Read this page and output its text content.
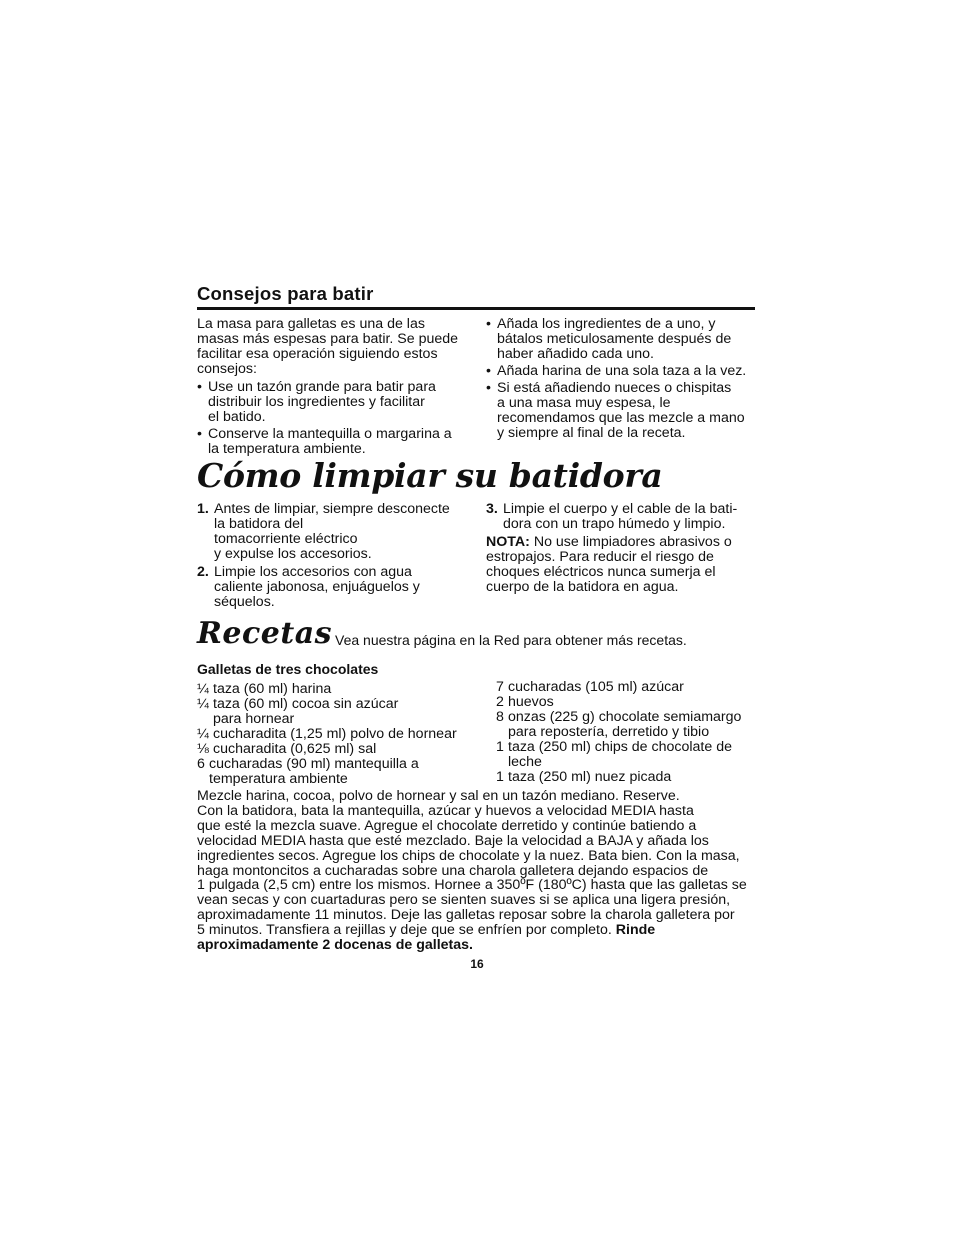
Consejos para batir

La masa para galletas es una de las
masas más espesas para batir. Se puede
facilitar esa operación siguiendo estos
consejos:

• Use un tazón grande para batir para
distribuir los ingredientes y facilitar
el batido.

• Conserve la mantequilla o margarina a
la temperatura ambiente.

• Añada los ingredientes de a uno, y
bátalos meticulosamente después de
haber añadido cada uno.

• Añada harina de una sola taza a la vez.

• Si está añadiendo nueces o chispitas
a una masa muy espesa, le
recomendamos que las mezcle a mano
y siempre al final de la receta.

Cómo limpiar su batidora

1. Antes de limpiar, siempre desconecte
la batidora del
tomacorriente eléctrico
y expulse los accesorios.

2. Limpie los accesorios con agua
caliente jabonosa, enjuáguelos y
séquelos.

3. Limpie el cuerpo y el cable de la bati-
dora con un trapo húmedo y limpio.

NOTA: No use limpiadores abrasivos o
estropajos. Para reducir el riesgo de
choques eléctricos nunca sumerja el
cuerpo de la batidora en agua.

Recetas Vea nuestra página en la Red para obtener más recetas.
Galletas de tres chocolates

¼ taza (60 ml) harina

¼ taza (60 ml) cocoa sin azúcar
para hornear

¼ cucharadita (1,25 ml) polvo de hornear

⅛ cucharadita (0,625 ml) sal

6 cucharadas (90 ml) mantequilla a
temperatura ambiente

7 cucharadas (105 ml) azúcar

2 huevos

8 onzas (225 g) chocolate semiamargo
para repostería, derretido y tibio

1 taza (250 ml) chips de chocolate de
leche

1 taza (250 ml) nuez picada

Mezcle harina, cocoa, polvo de hornear y sal en un tazón mediano. Reserve.
Con la batidora, bata la mantequilla, azúcar y huevos a velocidad MEDIA hasta
que esté la mezcla suave. Agregue el chocolate derretido y continúe batiendo a
velocidad MEDIA hasta que esté mezclado. Baje la velocidad a BAJA y añada los
ingredientes secos. Agregue los chips de chocolate y la nuez. Bata bien. Con la masa,
haga montoncitos a cucharadas sobre una charola galletera dejando espacios de
1 pulgada (2,5 cm) entre los mismos. Hornee a 350ºF (180ºC) hasta que las galletas se
vean secas y con cuartaduras pero se sienten suaves si se aplica una ligera presión,
aproximadamente 11 minutos. Deje las galletas reposar sobre la charola galletera por
5 minutos. Transfiera a rejillas y deje que se enfríen por completo. Rinde
aproximadamente 2 docenas de galletas.

16
